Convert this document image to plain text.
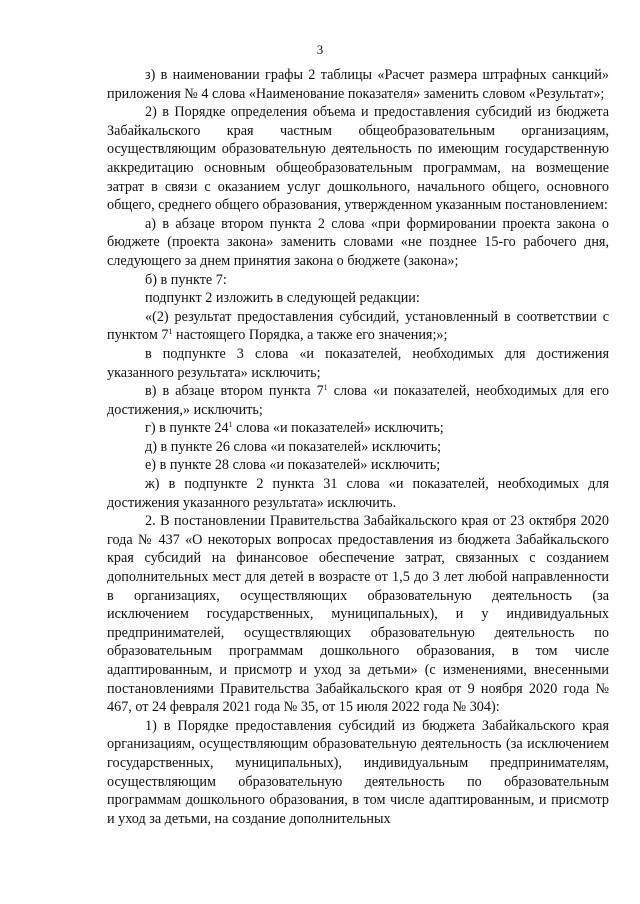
3

з) в наименовании графы 2 таблицы «Расчет размера штрафных санкций» приложения № 4 слова «Наименование показателя» заменить словом «Результат»;

2) в Порядке определения объема и предоставления субсидий из бюджета Забайкальского края частным общеобразовательным организациям, осуществляющим образовательную деятельность по имеющим государственную аккредитацию основным общеобразовательным программам, на возмещение затрат в связи с оказанием услуг дошкольного, начального общего, основного общего, среднего общего образования, утвержденном указанным постановлением:

а) в абзаце втором пункта 2 слова «при формировании проекта закона о бюджете (проекта закона» заменить словами «не позднее 15-го рабочего дня, следующего за днем принятия закона о бюджете (закона»;

б) в пункте 7:

подпункт 2 изложить в следующей редакции:

«(2) результат предоставления субсидий, установленный в соответствии с пунктом $7^1$ настоящего Порядка, а также его значения;»;

в подпункте 3 слова «и показателей, необходимых для достижения указанного результата» исключить;

в) в абзаце втором пункта $7^1$ слова «и показателей, необходимых для его достижения,» исключить;

г) в пункте $24^1$ слова «и показателей» исключить;

д) в пункте 26 слова «и показателей» исключить;

е) в пункте 28 слова «и показателей» исключить;

ж) в подпункте 2 пункта 31 слова «и показателей, необходимых для достижения указанного результата» исключить.

2. В постановлении Правительства Забайкальского края от 23 октября 2020 года № 437 «О некоторых вопросах предоставления из бюджета Забайкальского края субсидий на финансовое обеспечение затрат, связанных с созданием дополнительных мест для детей в возрасте от 1,5 до 3 лет любой направленности в организациях, осуществляющих образовательную деятельность (за исключением государственных, муниципальных), и у индивидуальных предпринимателей, осуществляющих образовательную деятельность по образовательным программам дошкольного образования, в том числе адаптированным, и присмотр и уход за детьми» (с изменениями, внесенными постановлениями Правительства Забайкальского края от 9 ноября 2020 года № 467, от 24 февраля 2021 года № 35, от 15 июля 2022 года № 304):

1) в Порядке предоставления субсидий из бюджета Забайкальского края организациям, осуществляющим образовательную деятельность (за исключением государственных, муниципальных), индивидуальным предпринимателям, осуществляющим образовательную деятельность по образовательным программам дошкольного образования, в том числе адаптированным, и присмотр и уход за детьми, на создание дополнительных
